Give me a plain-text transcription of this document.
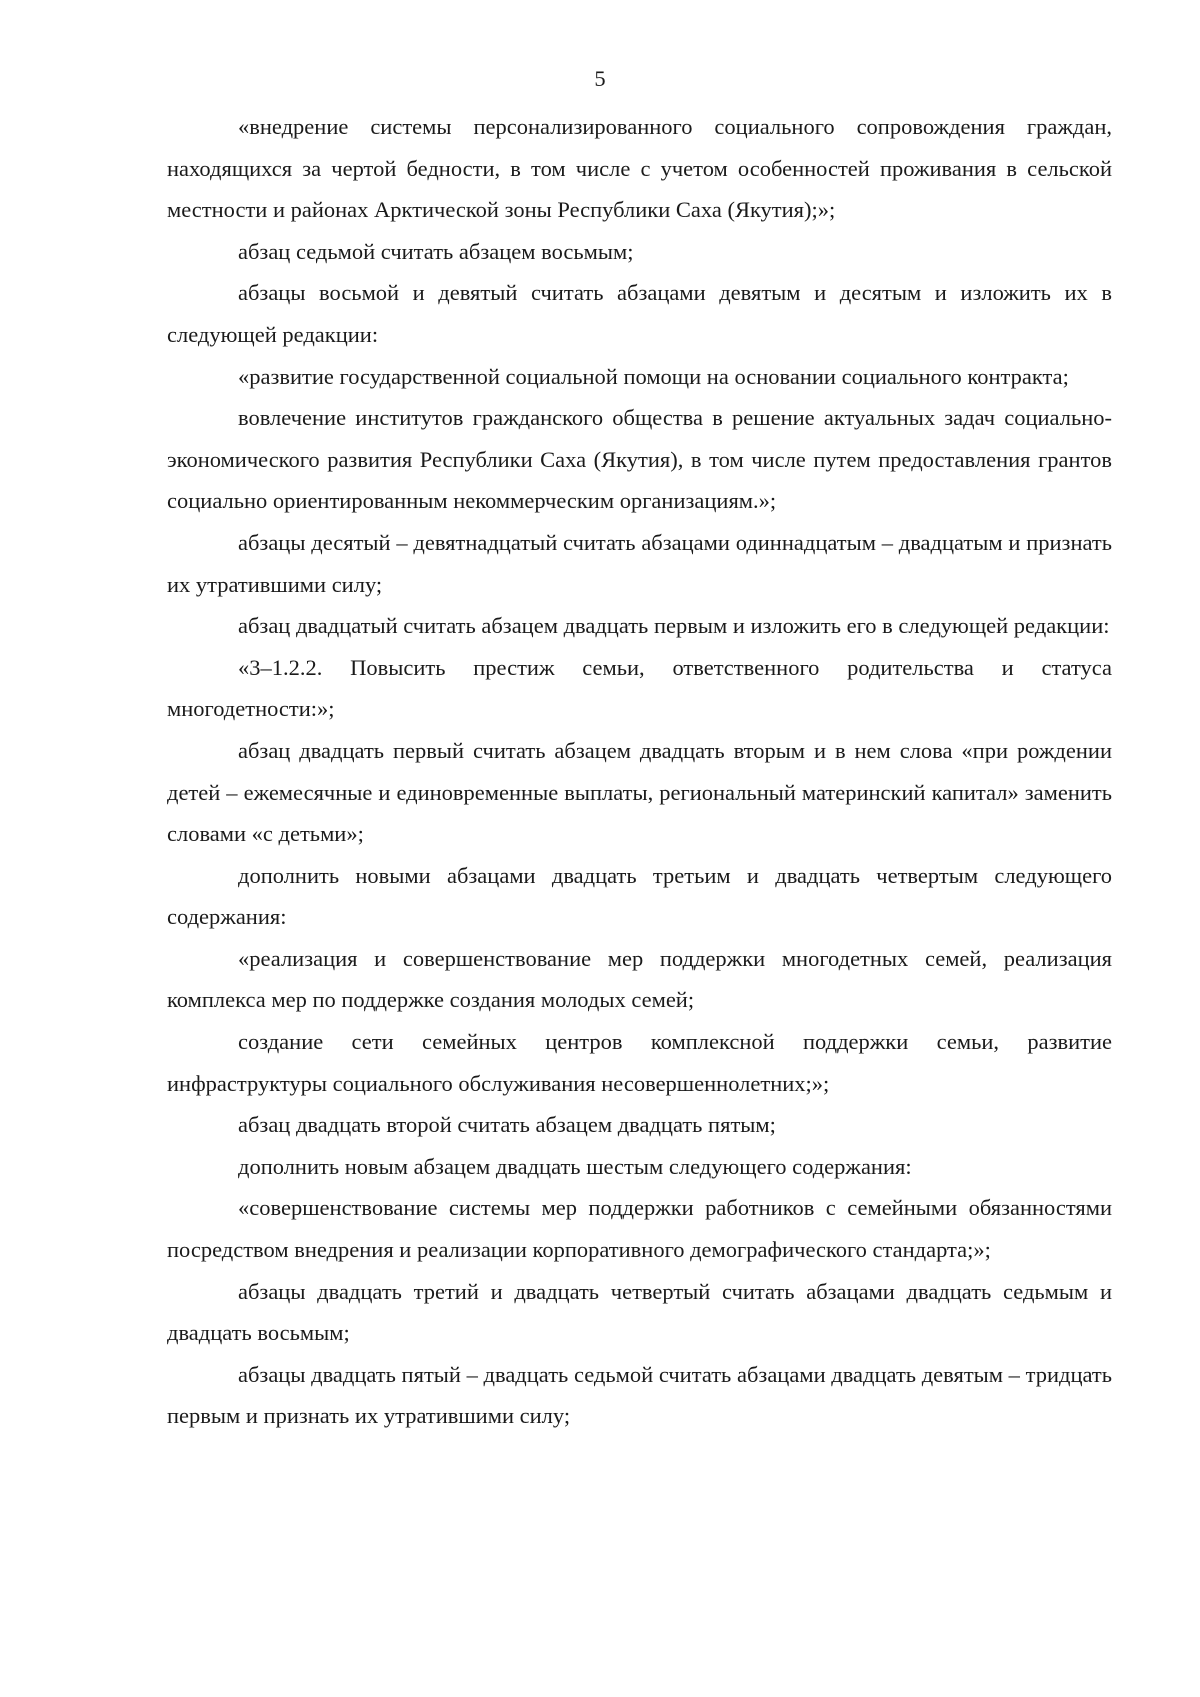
5

«внедрение системы персонализированного социального сопровождения граждан, находящихся за чертой бедности, в том числе с учетом особенностей проживания в сельской местности и районах Арктической зоны Республики Саха (Якутия);»;

абзац седьмой считать абзацем восьмым;

абзацы восьмой и девятый считать абзацами девятым и десятым и изложить их в следующей редакции:

«развитие государственной социальной помощи на основании социального контракта;

вовлечение институтов гражданского общества в решение актуальных задач социально-экономического развития Республики Саха (Якутия), в том числе путем предоставления грантов социально ориентированным некоммерческим организациям.»;

абзацы десятый – девятнадцатый считать абзацами одиннадцатым – двадцатым и признать их утратившими силу;

абзац двадцатый считать абзацем двадцать первым и изложить его в следующей редакции:

«3–1.2.2. Повысить престиж семьи, ответственного родительства и статуса многодетности:»;

абзац двадцать первый считать абзацем двадцать вторым и в нем слова «при рождении детей – ежемесячные и единовременные выплаты, региональный материнский капитал» заменить словами «с детьми»;

дополнить новыми абзацами двадцать третьим и двадцать четвертым следующего содержания:

«реализация и совершенствование мер поддержки многодетных семей, реализация комплекса мер по поддержке создания молодых семей;

создание сети семейных центров комплексной поддержки семьи, развитие инфраструктуры социального обслуживания несовершеннолетних;»;

абзац двадцать второй считать абзацем двадцать пятым;

дополнить новым абзацем двадцать шестым следующего содержания:

«совершенствование системы мер поддержки работников с семейными обязанностями посредством внедрения и реализации корпоративного демографического стандарта;»;

абзацы двадцать третий и двадцать четвертый считать абзацами двадцать седьмым и двадцать восьмым;

абзацы двадцать пятый – двадцать седьмой считать абзацами двадцать девятым – тридцать первым и признать их утратившими силу;
